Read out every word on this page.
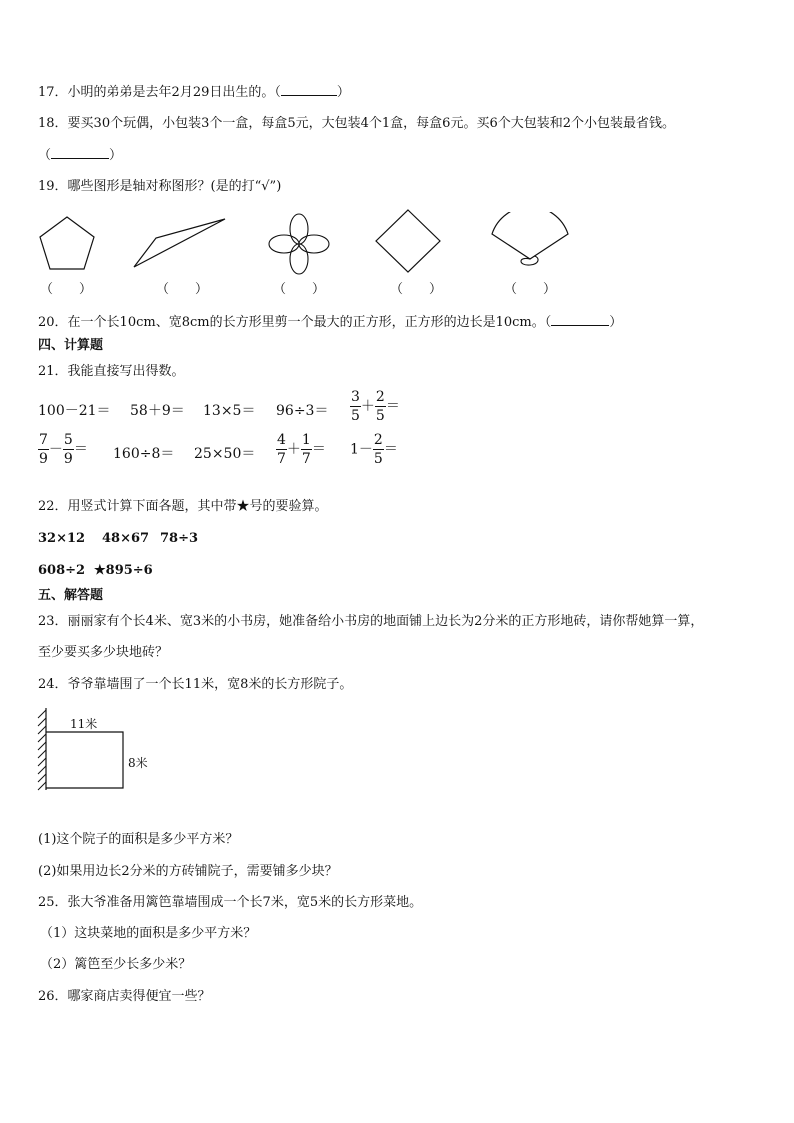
17．小明的弟弟是去年2月29日出生的。（	）
18．要买30个玩偶，小包装3个一盒，每盒5元，大包装4个1盒，每盒6元。买6个大包装和2个小包装最省钱。
（	）
19．哪些图形是轴对称图形？(是的打“√”)
（　　）	（　　）	（　　）	（　　）	（　　）
20．在一个长10cm、宽8cm的长方形里剪一个最大的正方形，正方形的边长是10cm。（	）
四、计算题
21．我能直接写出得数。
$100-21= 58+9= 13\times 5= 96\div 3= \frac{3}{5} + \frac{2}{5}$ ＝
$\frac{7}{9} - \frac{5}{9} = 160\div 8= 25\times 50= \frac{4}{7} + \frac{1}{7} = 1- \frac{2}{5}$ ＝
22．用竖式计算下面各题，其中带★号的要验算。
32×12 48×67 78÷3
608÷2 ★895÷6
五、解答题
23．丽丽家有个长4米、宽3米的小书房，她准备给小书房的地面铺上边长为2分米的正方形地砖，请你帮她算一算，
至少要买多少块地砖？
24．爷爷靠墙围了一个长11米，宽8米的长方形院子。
11米
8米
(1)这个院子的面积是多少平方米？
(2)如果用边长2分米的方砖铺院子，需要铺多少块？
25．张大爷准备用篱笆靠墙围成一个长7米，宽5米的长方形菜地。
（1）这块菜地的面积是多少平方米？
（2）篱笆至少长多少米？
26．哪家商店卖得便宜一些？
